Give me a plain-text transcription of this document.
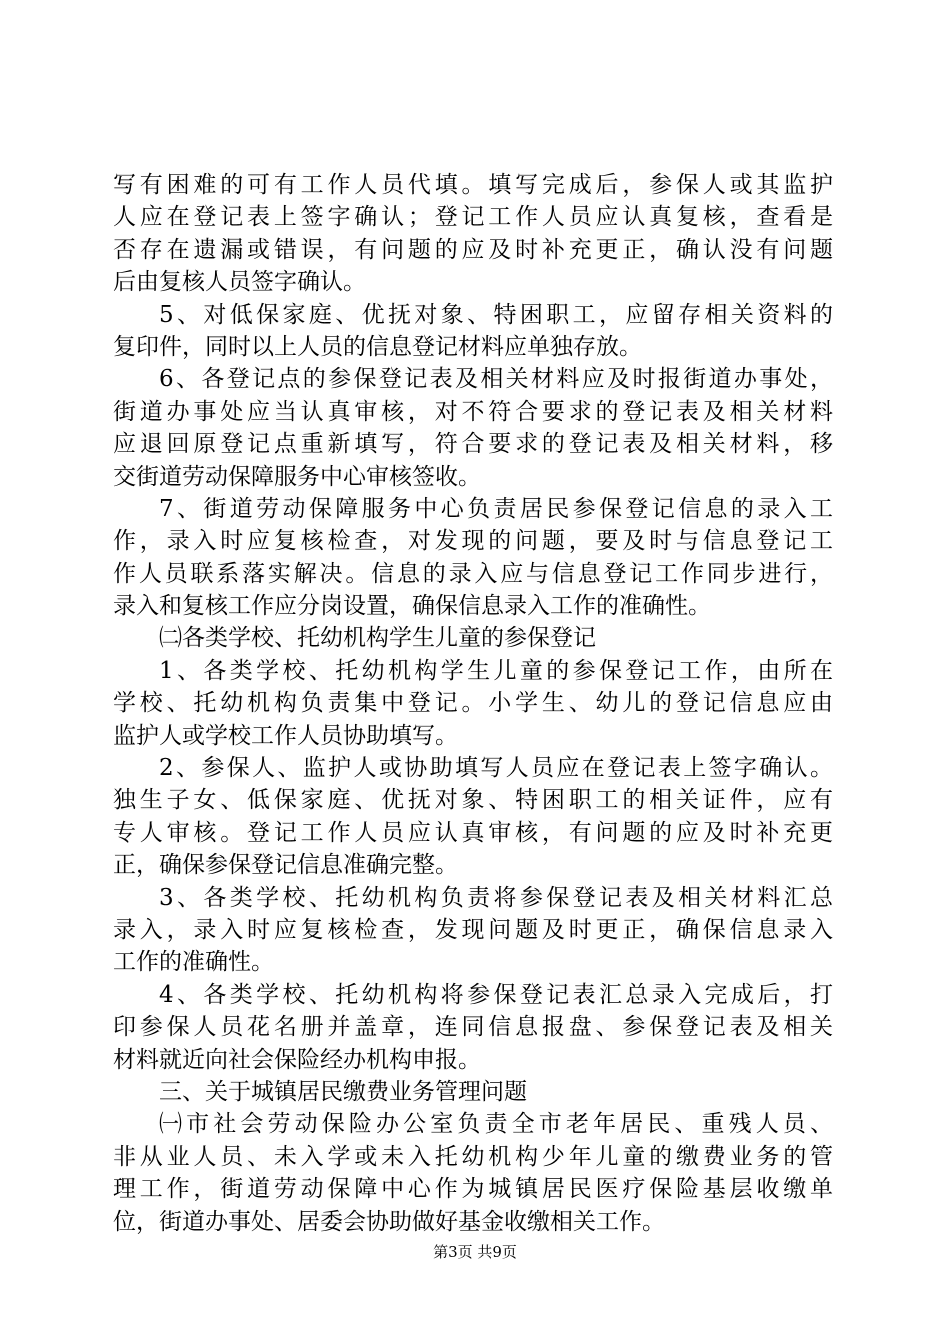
写有困难的可有工作人员代填。填写完成后，参保人或其监护
人应在登记表上签字确认；登记工作人员应认真复核，查看是
否存在遗漏或错误，有问题的应及时补充更正，确认没有问题
后由复核人员签字确认。
5、对低保家庭、优抚对象、特困职工，应留存相关资料的
复印件，同时以上人员的信息登记材料应单独存放。
6、各登记点的参保登记表及相关材料应及时报街道办事处，
街道办事处应当认真审核，对不符合要求的登记表及相关材料
应退回原登记点重新填写，符合要求的登记表及相关材料，移
交街道劳动保障服务中心审核签收。
7、街道劳动保障服务中心负责居民参保登记信息的录入工
作，录入时应复核检查，对发现的问题，要及时与信息登记工
作人员联系落实解决。信息的录入应与信息登记工作同步进行，
录入和复核工作应分岗设置，确保信息录入工作的准确性。
㈡各类学校、托幼机构学生儿童的参保登记
1、各类学校、托幼机构学生儿童的参保登记工作，由所在
学校、托幼机构负责集中登记。小学生、幼儿的登记信息应由
监护人或学校工作人员协助填写。
2、参保人、监护人或协助填写人员应在登记表上签字确认。
独生子女、低保家庭、优抚对象、特困职工的相关证件，应有
专人审核。登记工作人员应认真审核，有问题的应及时补充更
正，确保参保登记信息准确完整。
3、各类学校、托幼机构负责将参保登记表及相关材料汇总
录入，录入时应复核检查，发现问题及时更正，确保信息录入
工作的准确性。
4、各类学校、托幼机构将参保登记表汇总录入完成后，打
印参保人员花名册并盖章，连同信息报盘、参保登记表及相关
材料就近向社会保险经办机构申报。
三、关于城镇居民缴费业务管理问题
㈠市社会劳动保险办公室负责全市老年居民、重残人员、
非从业人员、未入学或未入托幼机构少年儿童的缴费业务的管
理工作，街道劳动保障中心作为城镇居民医疗保险基层收缴单
位，街道办事处、居委会协助做好基金收缴相关工作。
第3页 共9页
